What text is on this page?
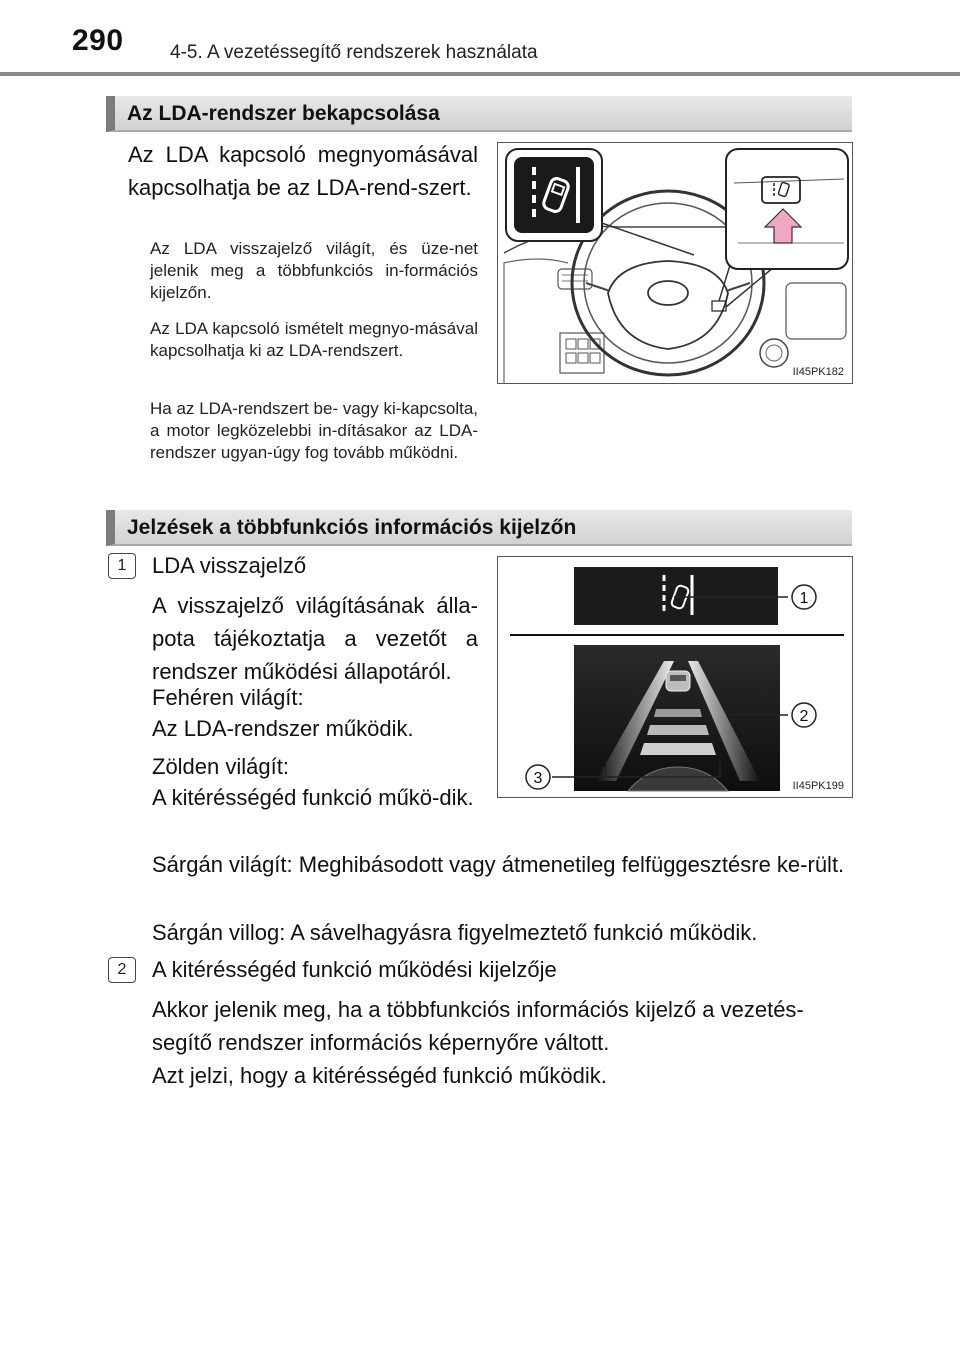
290 4-5. A vezetéssegítő rendszerek használata
Az LDA-rendszer bekapcsolása

Az LDA kapcsoló megnyomásával kapcsolhatja be az LDA-rend-szert.

Az LDA visszajelző világít, és üze-net jelenik meg a többfunkciós in-formációs kijelzőn.

Az LDA kapcsoló ismételt megnyo-másával kapcsolhatja ki az LDA-rendszert.

Ha az LDA-rendszert be- vagy ki-kapcsolta, a motor legközelebbi in-dításakor az LDA-rendszer ugyan-úgy fog tovább működni.

II45PK182
Jelzések a többfunkciós információs kijelzőn
1
2
3	II45PK199
1	LDA visszajelző

A visszajelző világításának álla-pota tájékoztatja a vezetőt a rendszer működési állapotáról.

Fehéren világít:

Az LDA-rendszer működik.

Zölden világít:

A kitérésségéd funkció műkö-dik.

Sárgán világít: Meghibásodott vagy átmenetileg felfüggesztésre ke-rült.

Sárgán villog: A sávelhagyásra figyelmeztető funkció működik.

2	A kitérésségéd funkció működési kijelzője

Akkor jelenik meg, ha a többfunkciós információs kijelző a vezetés-segítő rendszer információs képernyőre váltott.

Azt jelzi, hogy a kitérésségéd funkció működik.
